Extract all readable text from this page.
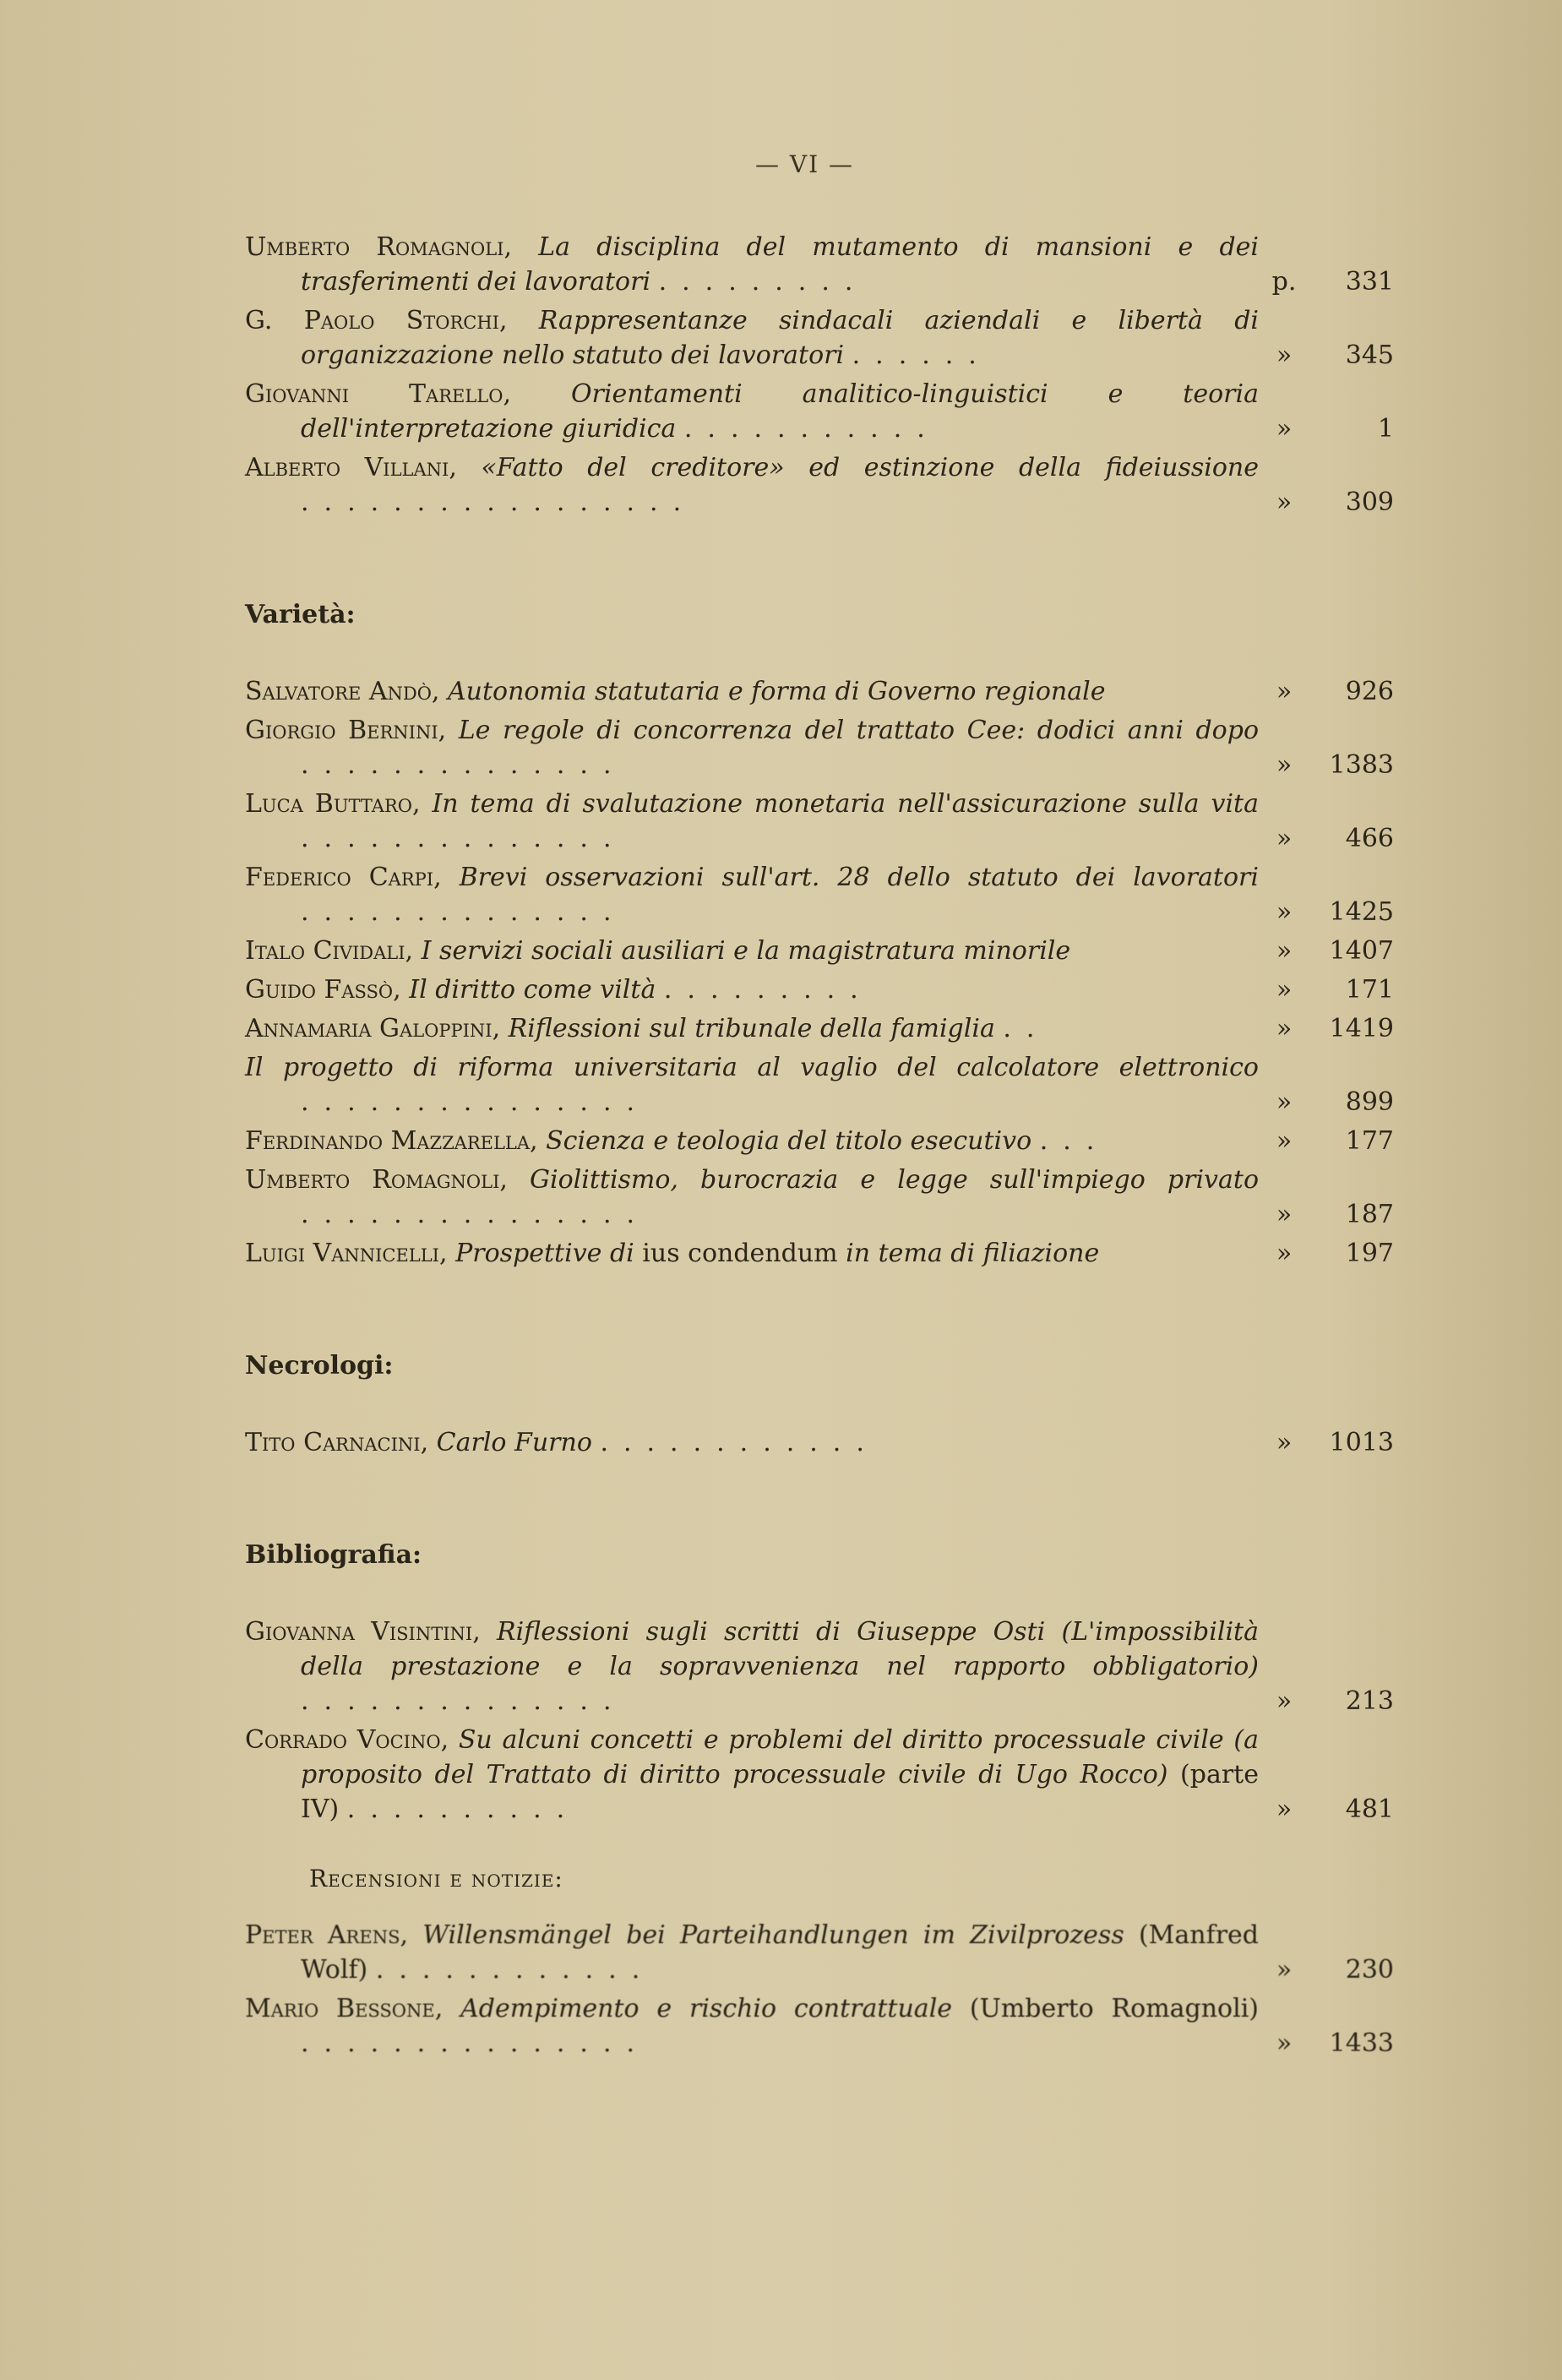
— VI —
Umberto Romagnoli, La disciplina del mutamento di mansioni e dei trasferimenti dei lavoratori .........	p.	331
G. Paolo Storchi, Rappresentanze sindacali aziendali e libertà di organizzazione nello statuto dei lavoratori ......	»	345
Giovanni Tarello, Orientamenti analitico-linguistici e teoria dell'interpretazione giuridica ...........	»	1
Alberto Villani, «Fatto del creditore» ed estinzione della fideiussione .................	»	309

Varietà:

Salvatore Andò, Autonomia statutaria e forma di Governo regionale	»	926
Giorgio Bernini, Le regole di concorrenza del trattato Cee: dodici anni dopo ..............	»	1383
Luca Buttaro, In tema di svalutazione monetaria nell'assicurazione sulla vita ..............	»	466
Federico Carpi, Brevi osservazioni sull'art. 28 dello statuto dei lavoratori ..............	»	1425
Italo Cividali, I servizi sociali ausiliari e la magistratura minorile	»	1407
Guido Fassò, Il diritto come viltà .........	»	171
Annamaria Galoppini, Riflessioni sul tribunale della famiglia ..	»	1419
Il progetto di riforma universitaria al vaglio del calcolatore elettronico ...............	»	899
Ferdinando Mazzarella, Scienza e teologia del titolo esecutivo ...	»	177
Umberto Romagnoli, Giolittismo, burocrazia e legge sull'impiego privato ...............	»	187
Luigi Vannicelli, Prospettive di ius condendum in tema di filiazione	»	197

Necrologi:

Tito Carnacini, Carlo Furno ............	»	1013

Bibliografia:

Giovanna Visintini, Riflessioni sugli scritti di Giuseppe Osti (L'impossibilità della prestazione e la sopravvenienza nel rapporto obbligatorio) ..............	»	213
Corrado Vocino, Su alcuni concetti e problemi del diritto processuale civile (a proposito del Trattato di diritto processuale civile di Ugo Rocco) (parte IV) ..........	»	481
Recensioni e notizie:
Peter Arens, Willensmängel bei Parteihandlungen im Zivilprozess (Manfred Wolf) ............	»	230
Mario Bessone, Adempimento e rischio contrattuale (Umberto Romagnoli) ...............	»	1433
